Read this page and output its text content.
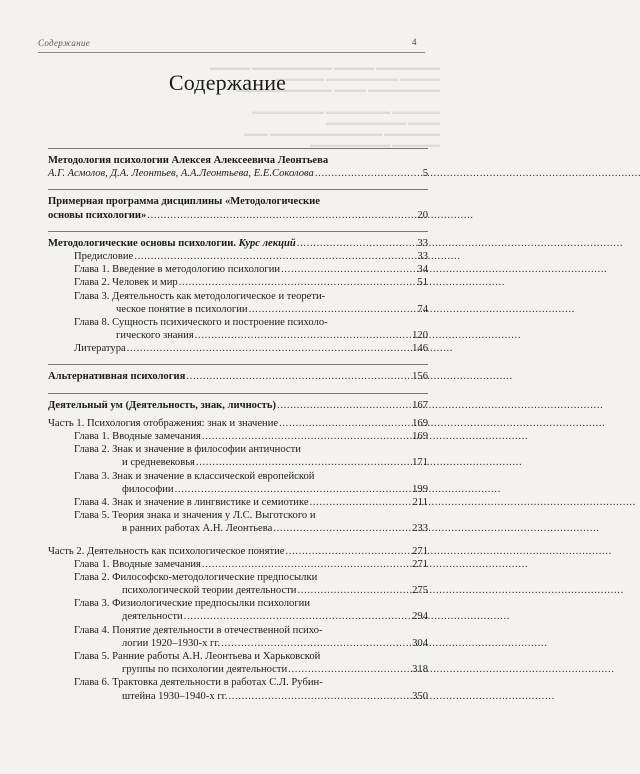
Содержание	4
▬▬▬▬▬▬▬▬ ▬▬▬▬▬ ▬▬▬▬▬▬▬▬▬▬ ▬▬▬▬▬
▬▬▬▬▬ ▬▬▬▬▬▬▬▬▬ ▬▬▬▬▬▬
▬▬▬▬▬▬▬▬▬ ▬▬▬▬ ▬▬▬▬▬▬▬▬▬▬▬▬

▬▬▬▬▬▬ ▬▬▬▬▬▬▬▬ ▬▬▬▬▬▬▬▬▬
▬▬▬▬ ▬▬▬▬▬▬▬▬▬▬
▬▬▬▬▬▬▬ ▬▬▬▬▬▬▬▬▬▬▬▬▬▬ ▬▬▬
▬▬▬▬▬▬ ▬▬▬▬▬▬▬▬▬▬
Содержание
Методология психологии Алексея Алексеевича Леонтьева
А.Г. Асмолов, Д.А. Леонтьев, А.А.Леонтьева, Е.Е.Соколова . . .	5
Примерная программа дисциплины «Методологические
основы психологии» . . .	20
Методологические основы психологии. Курс лекций . . .	33
Предисловие . . .	33
Глава 1. Введение в методологию психологии . . .	34
Глава 2. Человек и мир . . .	51
Глава 3. Деятельность как методологическое и теорети-
ческое понятие в психологии . . .	74
Глава 8. Сущность психического и построение психоло-
гического знания . . .	120
Литература . . .	146
Альтернативная психология . . .	156
Деятельный ум (Деятельность, знак, личность) . . .	167
Часть 1. Психология отображения: знак и значение . . .	169
Глава 1. Вводные замечания . . .	169
Глава 2. Знак и значение в философии античности
и средневековья . . .	171
Глава 3. Знак и значение в классической европейской
философии . . .	199
Глава 4. Знак и значение в лингвистике и семиотике . . .	211
Глава 5. Теория знака и значения у Л.С. Выготского и
в ранних работах А.Н. Леонтьева . . .	233
Часть 2. Деятельность как психологическое понятие . . .	271
Глава 1. Вводные замечания . . .	271
Глава 2. Философско-методологические предпосылки
психологической теории деятельности . . .	275
Глава 3. Физиологические предпосылки психологии
деятельности . . .	294
Глава 4. Понятие деятельности в отечественной психо-
логии 1920–1930-х гг. . . .	304
Глава 5. Ранние работы А.Н. Леонтьева и Харьковской
группы по психологии деятельности . . .	318
Глава 6. Трактовка деятельности в работах С.Л. Рубин-
штейна 1930–1940-х гг. . . .	350
